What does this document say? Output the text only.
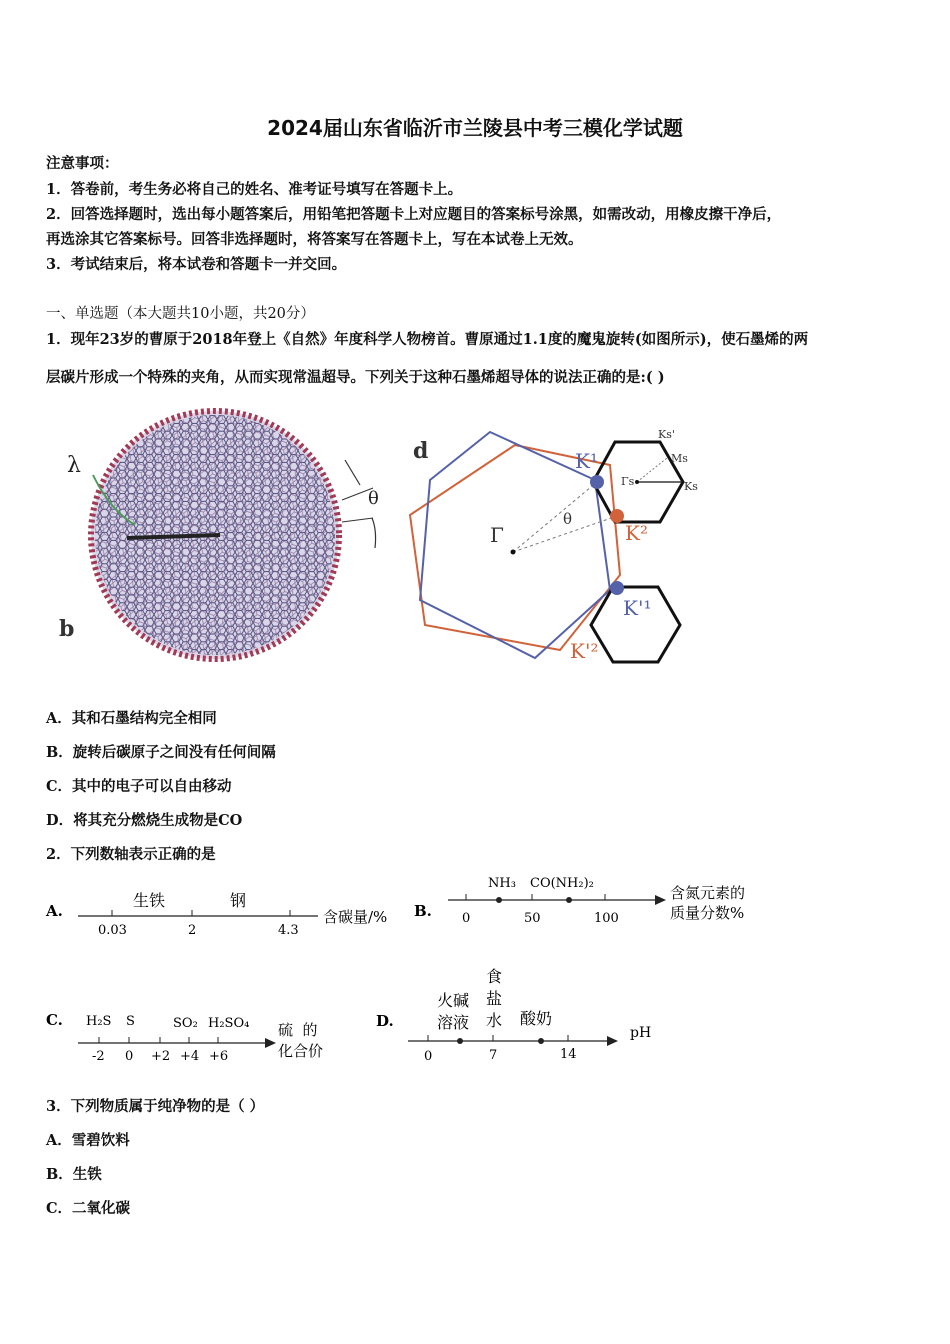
2024届山东省临沂市兰陵县中考三模化学试题
注意事项：
1．答卷前，考生务必将自己的姓名、准考证号填写在答题卡上。
2．回答选择题时，选出每小题答案后，用铅笔把答题卡上对应题目的答案标号涂黑，如需改动，用橡皮擦干净后，
再选涂其它答案标号。回答非选择题时，将答案写在答题卡上，写在本试卷上无效。
3．考试结束后，将本试卷和答题卡一并交回。
一、单选题（本大题共10小题，共20分）
1．现年23岁的曹原于2018年登上《自然》年度科学人物榜首。曹原通过1.1度的魔鬼旋转(如图所示)，使石墨烯的两
层碳片形成一个特殊的夹角，从而实现常温超导。下列关于这种石墨烯超导体的说法正确的是:( )
λ
θ
b
d
Γ
θ
K¹
K²
K'¹
K'²
Γs	Ks
Ms
Ks'
A．其和石墨结构完全相同
B．旋转后碳原子之间没有任何间隔
C．其中的电子可以自由移动
D．将其充分燃烧生成物是CO
2．下列数轴表示正确的是
A.
生铁	钢
0.03	2	4.3
含碳量/% B.
NH₃ CO(NH₂)₂
0	50	100
含氮元素的
质量分数%
C. H₂S S	SO₂ H₂SO₄
-2 0 +2 +4 +6
硫  的
化合价
D.
火碱
溶液
食
盐
水 酸奶
0	7	14
pH
3．下列物质属于纯净物的是（ ）
A．雪碧饮料
B．生铁
C．二氧化碳
